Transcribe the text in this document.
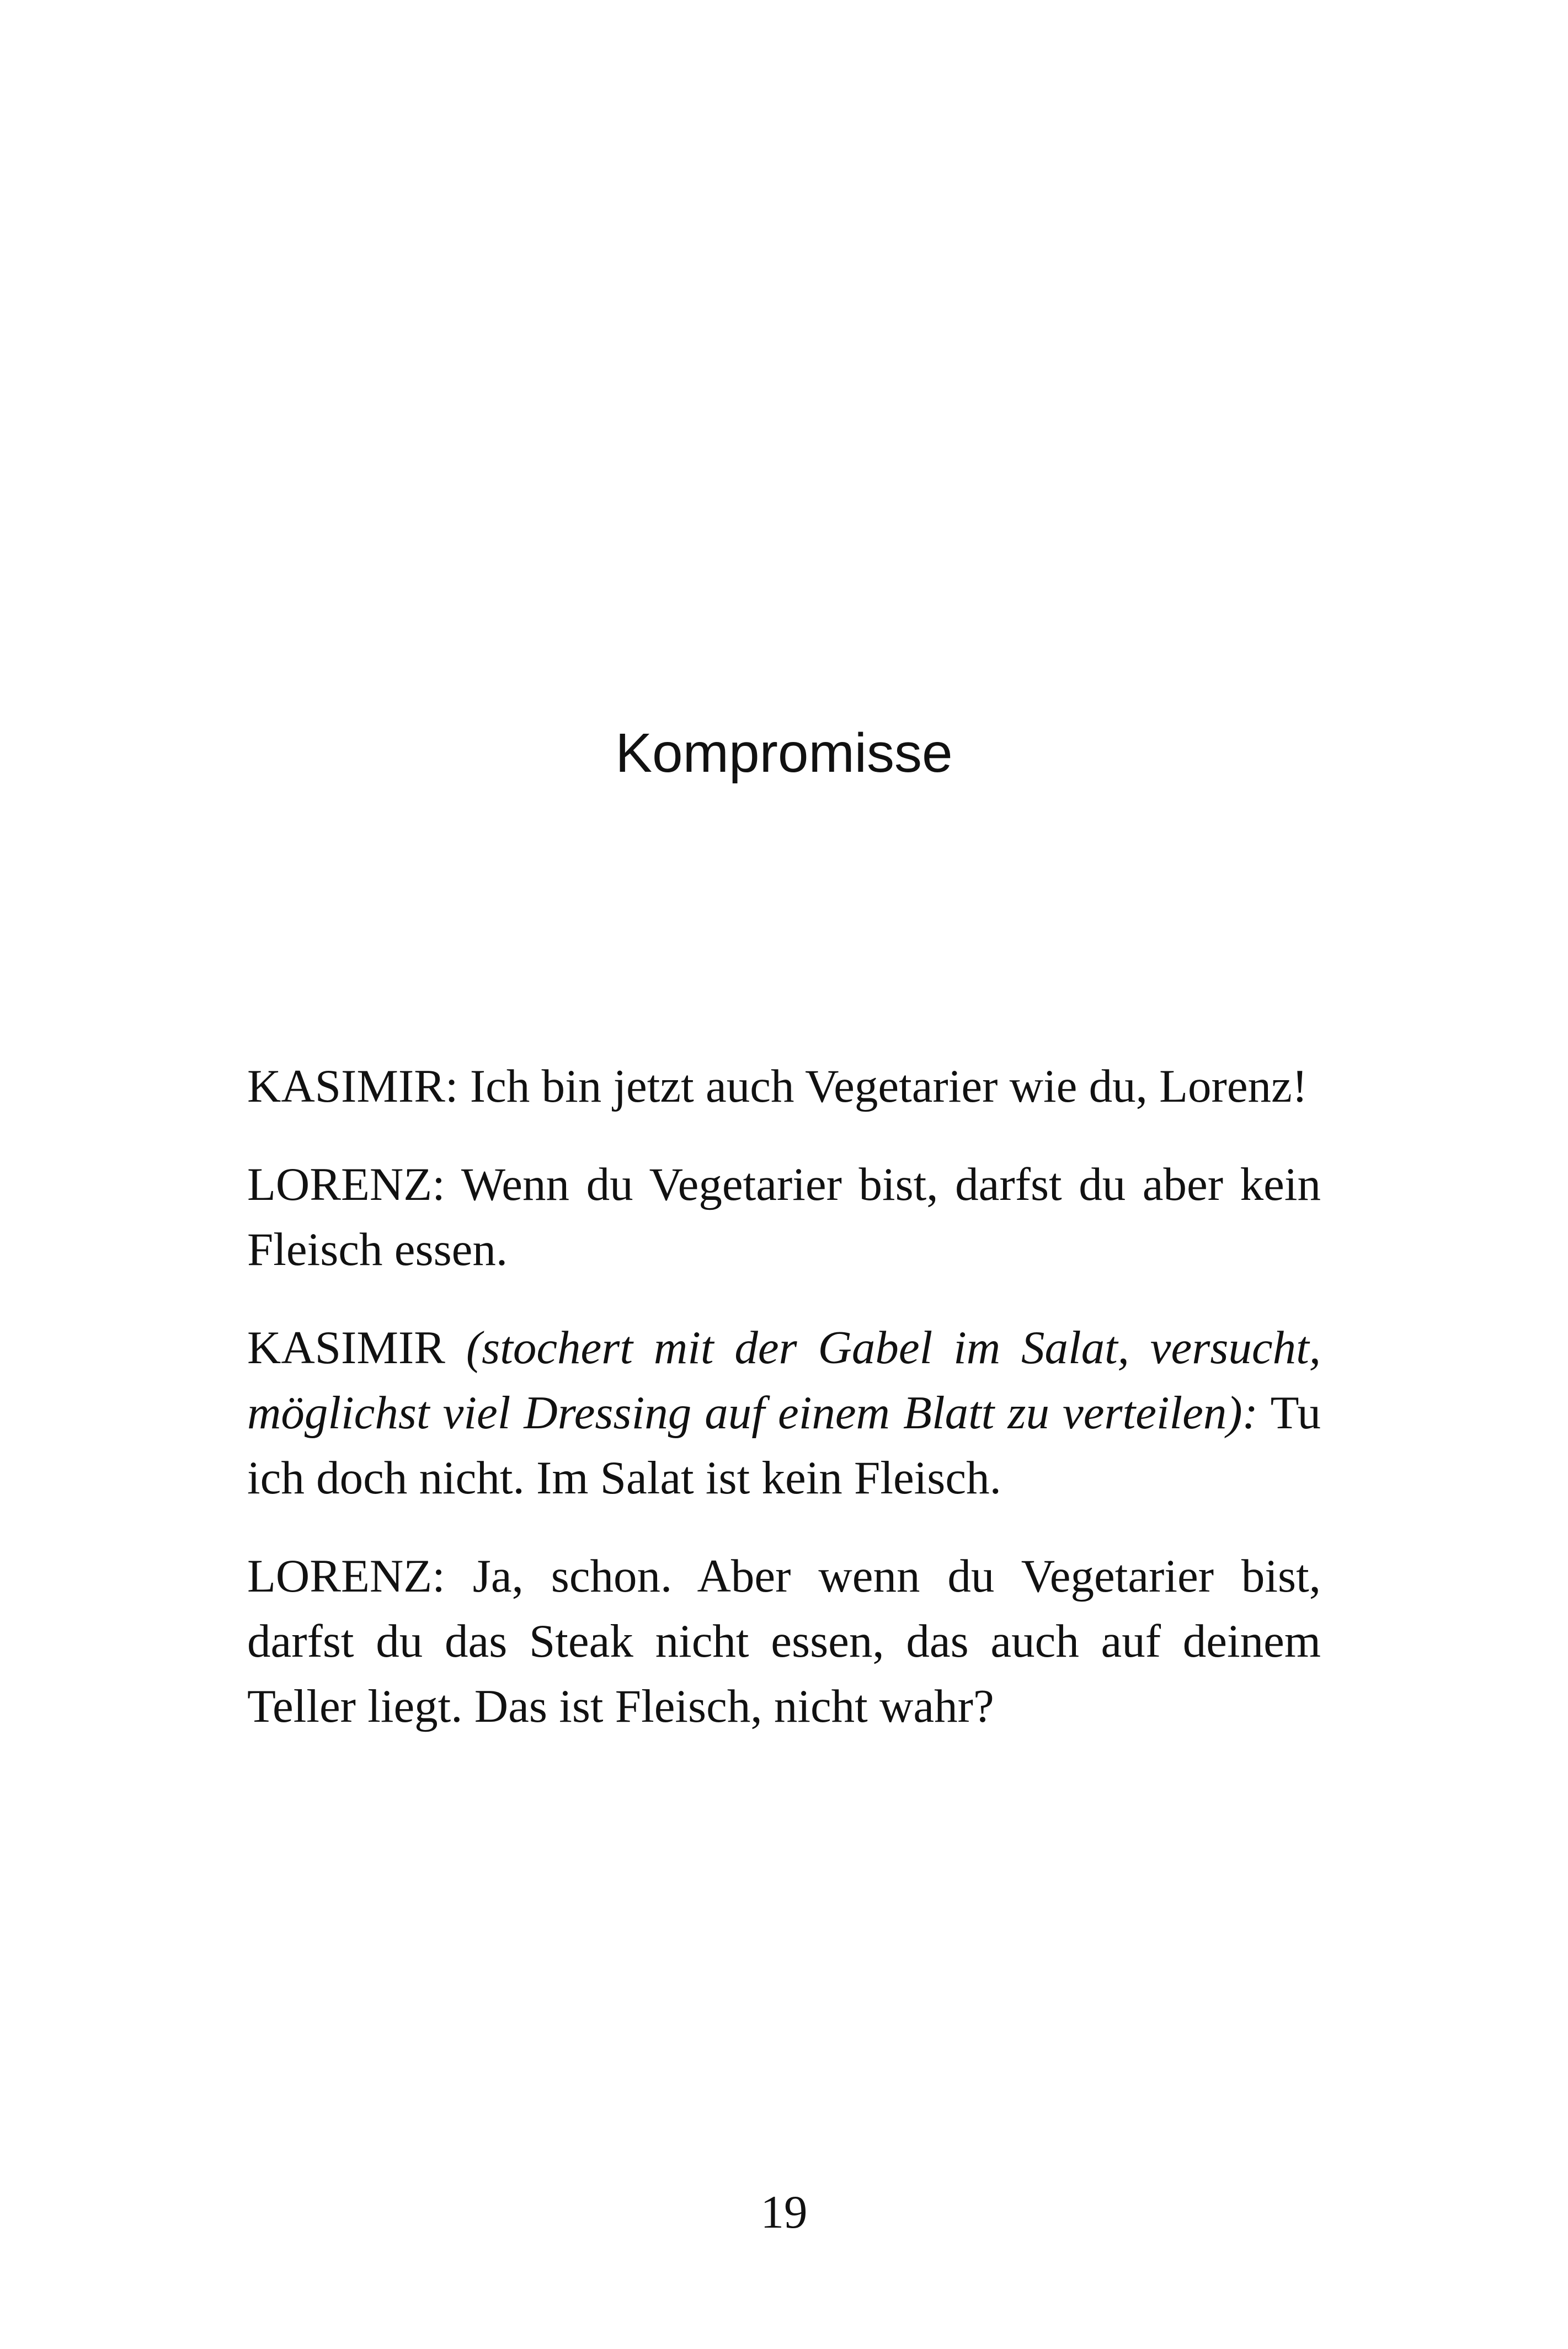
Kompromisse

KASIMIR: Ich bin jetzt auch Vegetarier wie du, Lorenz!

LORENZ: Wenn du Vegetarier bist, darfst du aber kein Fleisch essen.

KASIMIR (stochert mit der Gabel im Salat, versucht, möglichst viel Dressing auf einem Blatt zu verteilen): Tu ich doch nicht. Im Salat ist kein Fleisch.

LORENZ: Ja, schon. Aber wenn du Vegetarier bist, darfst du das Steak nicht essen, das auch auf deinem Teller liegt. Das ist Fleisch, nicht wahr?

19
